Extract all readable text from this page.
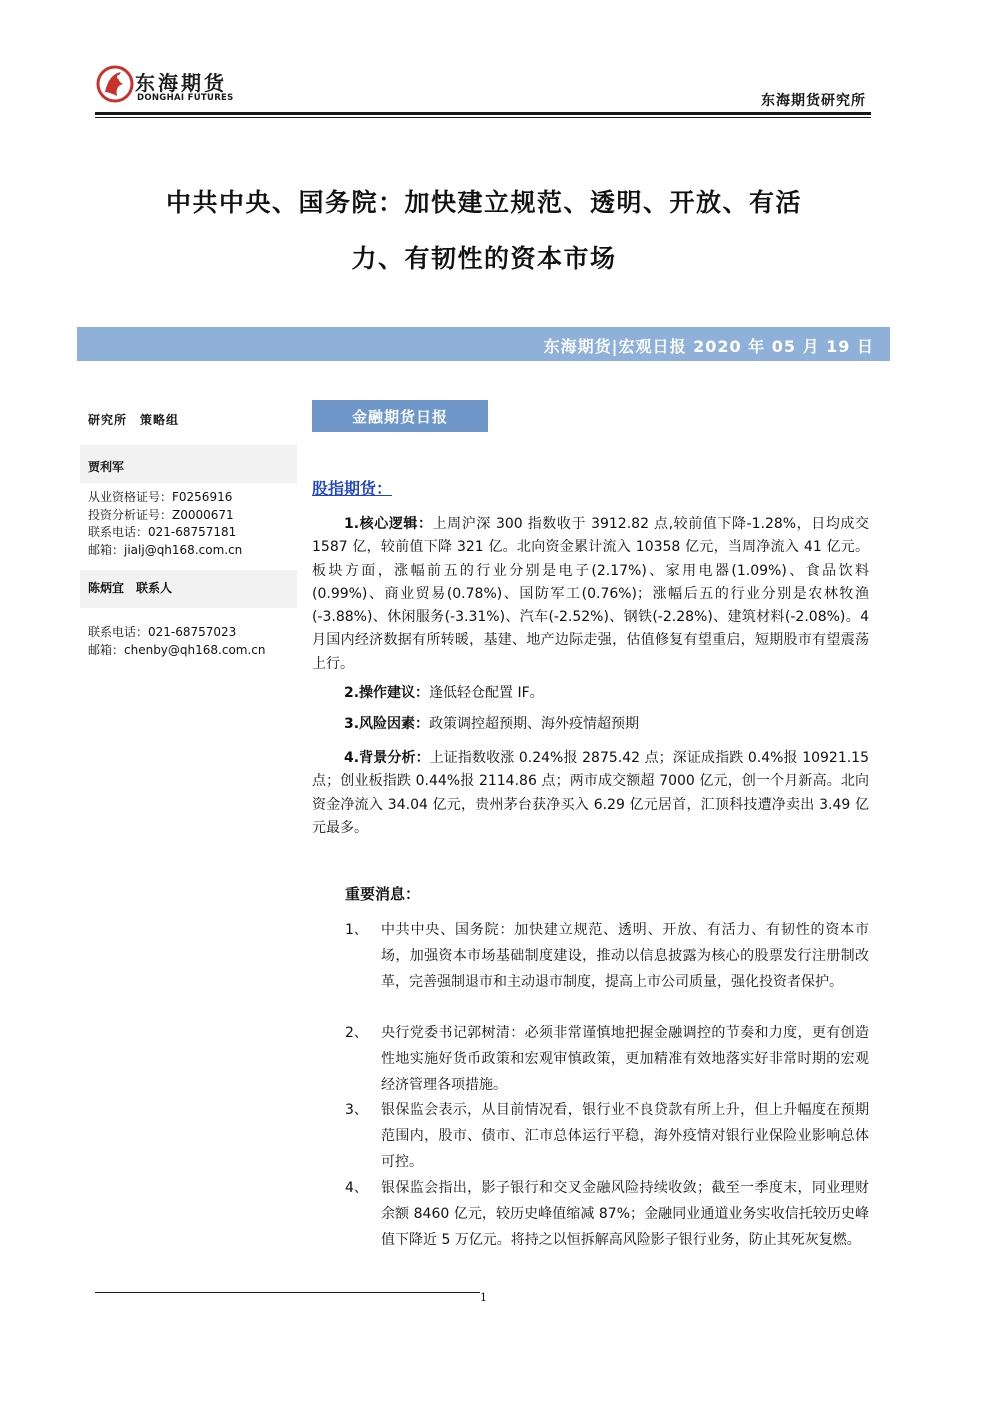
东海期货
DONGHAI FUTURES	东海期货研究所
中共中央、国务院：加快建立规范、透明、开放、有活
力、有韧性的资本市场
东海期货|宏观日报 2020 年 05 月 19 日
研究所　策略组
贾利军
从业资格证号：F0256916
投资分析证号：Z0000671
联系电话：021-68757181
邮箱：jialj@qh168.com.cn
陈炳宜　联系人
联系电话：021-68757023
邮箱：chenby@qh168.com.cn
金融期货日报
股指期货：
1.核心逻辑：上周沪深 300 指数收于 3912.82 点,较前值下降-1.28%，日均成交 1587 亿，较前值下降 321 亿。北向资金累计流入 10358 亿元，当周净流入 41 亿元。板块方面，涨幅前五的行业分别是电子(2.17%)、家用电器(1.09%)、食品饮料(0.99%)、商业贸易(0.78%)、国防军工(0.76%)；涨幅后五的行业分别是农林牧渔(-3.88%)、休闲服务(-3.31%)、汽车(-2.52%)、钢铁(-2.28%)、建筑材料(-2.08%)。4 月国内经济数据有所转暖，基建、地产边际走强，估值修复有望重启，短期股市有望震荡上行。
2.操作建议：逢低轻仓配置 IF。
3.风险因素：政策调控超预期、海外疫情超预期
4.背景分析：上证指数收涨 0.24%报 2875.42 点；深证成指跌 0.4%报 10921.15 点；创业板指跌 0.44%报 2114.86 点；两市成交额超 7000 亿元，创一个月新高。北向资金净流入 34.04 亿元，贵州茅台获净买入 6.29 亿元居首，汇顶科技遭净卖出 3.49 亿元最多。
重要消息：
1、 中共中央、国务院：加快建立规范、透明、开放、有活力、有韧性的资本市场，加强资本市场基础制度建设，推动以信息披露为核心的股票发行注册制改革，完善强制退市和主动退市制度，提高上市公司质量，强化投资者保护。
2、 央行党委书记郭树清：必须非常谨慎地把握金融调控的节奏和力度，更有创造性地实施好货币政策和宏观审慎政策，更加精准有效地落实好非常时期的宏观经济管理各项措施。
3、 银保监会表示，从目前情况看，银行业不良贷款有所上升，但上升幅度在预期范围内，股市、债市、汇市总体运行平稳，海外疫情对银行业保险业影响总体可控。
4、 银保监会指出，影子银行和交叉金融风险持续收敛；截至一季度末，同业理财余额 8460 亿元，较历史峰值缩减 87%；金融同业通道业务实收信托较历史峰值下降近 5 万亿元。将持之以恒拆解高风险影子银行业务，防止其死灰复燃。
1
